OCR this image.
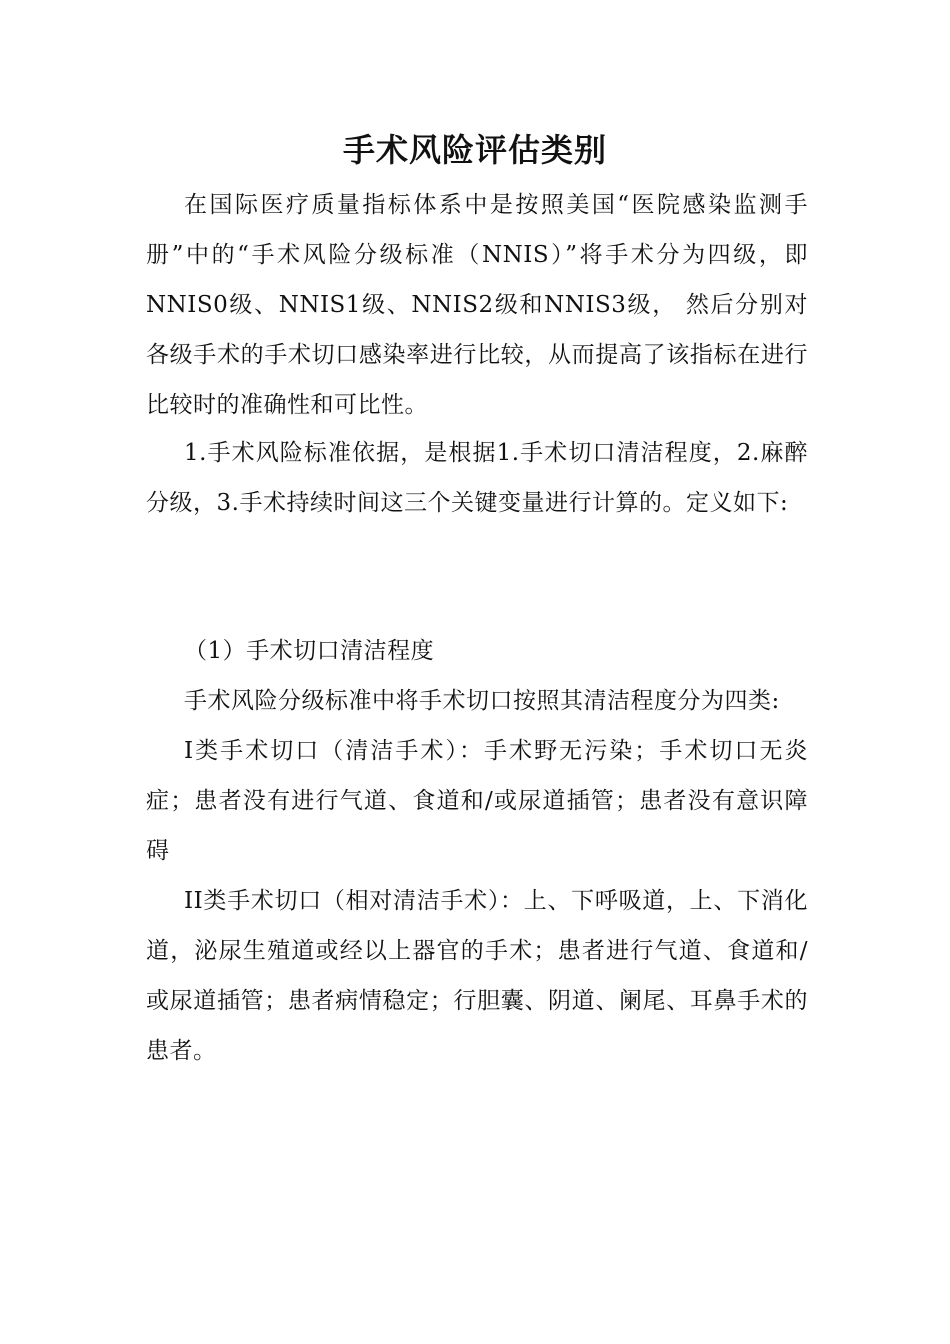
手术风险评估类别

在国际医疗质量指标体系中是按照美国“医院感染监测手册”中的“手术风险分级标准（NNIS）”将手术分为四级，即NNIS0级、NNIS1级、NNIS2级和NNIS3级， 然后分别对各级手术的手术切口感染率进行比较，从而提高了该指标在进行比较时的准确性和可比性。

1.手术风险标准依据，是根据1.手术切口清洁程度，2.麻醉分级，3.手术持续时间这三个关键变量进行计算的。定义如下:

（1）手术切口清洁程度

手术风险分级标准中将手术切口按照其清洁程度分为四类:

I类手术切口（清洁手术）：手术野无污染；手术切口无炎症；患者没有进行气道、食道和/或尿道插管；患者没有意识障碍

II类手术切口（相对清洁手术）：上、下呼吸道，上、下消化道，泌尿生殖道或经以上器官的手术；患者进行气道、食道和/或尿道插管；患者病情稳定；行胆囊、阴道、阑尾、耳鼻手术的患者。
